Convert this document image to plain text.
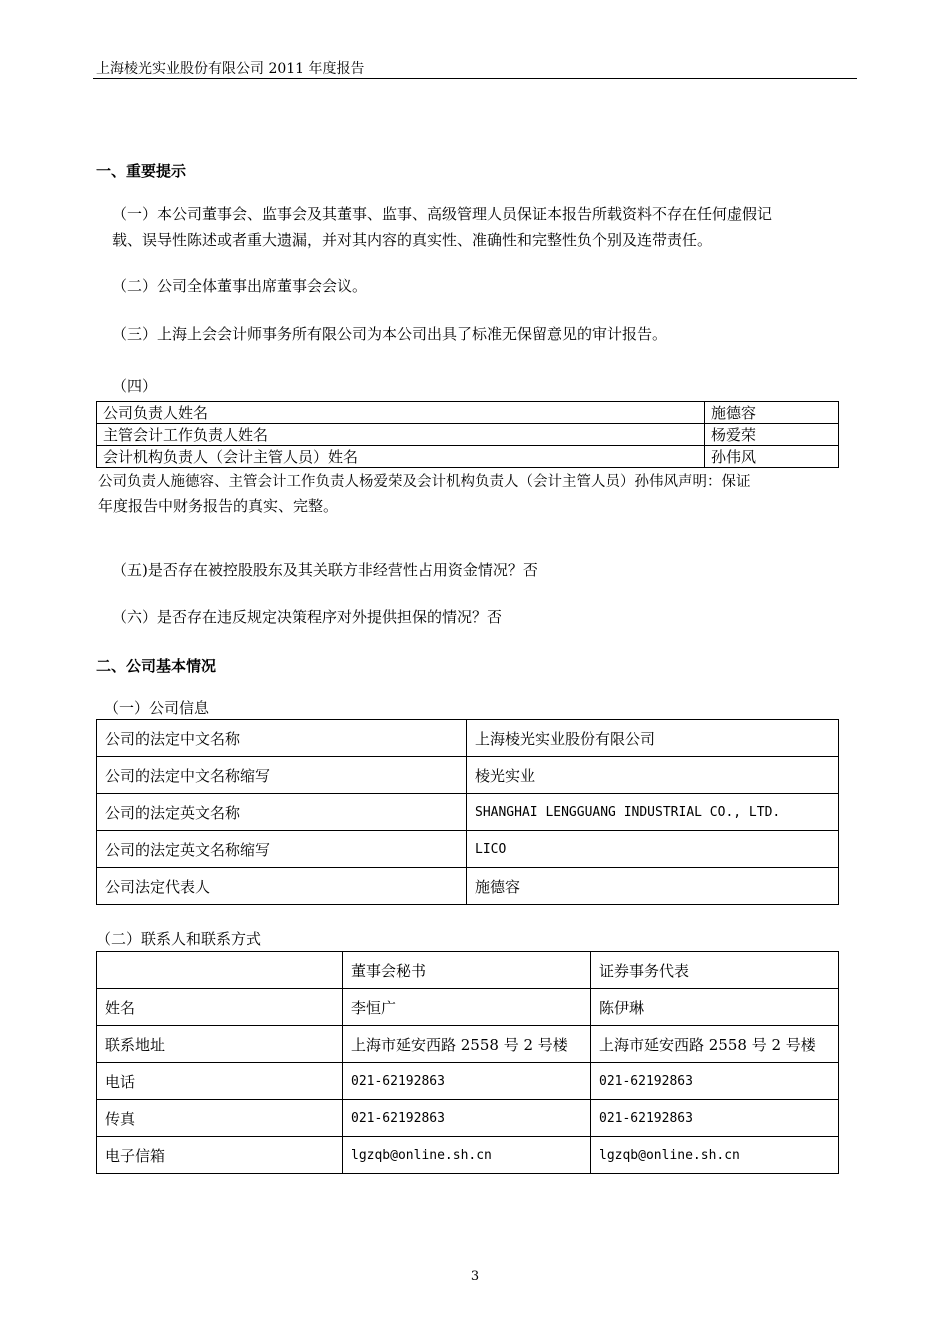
上海棱光实业股份有限公司 2011 年度报告
一、重要提示
（一）本公司董事会、监事会及其董事、监事、高级管理人员保证本报告所载资料不存在任何虚假记
载、误导性陈述或者重大遗漏，并对其内容的真实性、准确性和完整性负个别及连带责任。
（二）公司全体董事出席董事会会议。
（三）上海上会会计师事务所有限公司为本公司出具了标准无保留意见的审计报告。
（四）
公司负责人姓名	施德容
主管会计工作负责人姓名	杨爱荣
会计机构负责人（会计主管人员）姓名	孙伟风
公司负责人施德容、主管会计工作负责人杨爱荣及会计机构负责人（会计主管人员）孙伟风声明：保证
年度报告中财务报告的真实、完整。
（五)是否存在被控股股东及其关联方非经营性占用资金情况？否
（六）是否存在违反规定决策程序对外提供担保的情况？否
二、公司基本情况
（一）公司信息
公司的法定中文名称	上海棱光实业股份有限公司
公司的法定中文名称缩写	棱光实业
公司的法定英文名称	SHANGHAI LENGGUANG INDUSTRIAL CO., LTD.
公司的法定英文名称缩写	LICO
公司法定代表人	施德容
（二）联系人和联系方式
	董事会秘书	证券事务代表
姓名	李恒广	陈伊琳
联系地址	上海市延安西路 2558 号 2 号楼	上海市延安西路 2558 号 2 号楼
电话	021-62192863	021-62192863
传真	021-62192863	021-62192863
电子信箱	lgzqb@online.sh.cn	lgzqb@online.sh.cn
3
